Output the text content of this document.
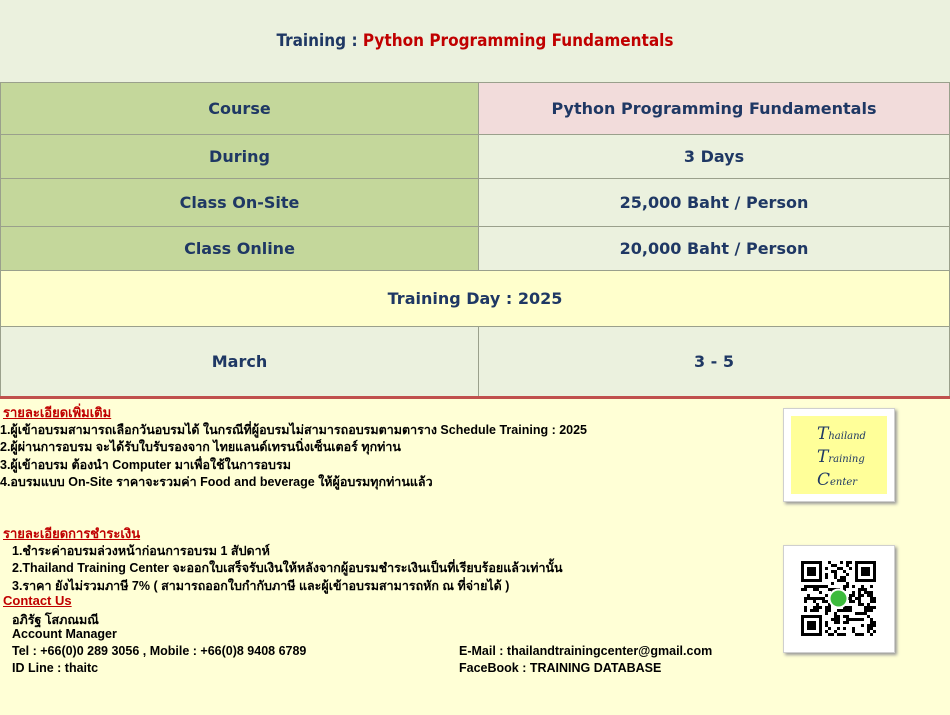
Training :
Python Programming Fundamentals
Course	Python Programming Fundamentals
During	3 Days
Class On-Site	25,000 Baht / Person
Class Online	20,000 Baht / Person
Training Day : 2025	
March	3 - 5
รายละเอียดเพิ่มเติม
1.ผู้เข้าอบรมสามารถเลือกวันอบรมได้ ในกรณีที่ผู้อบรมไม่สามารถอบรมตามตาราง Schedule Training : 2025
2.ผู้ผ่านการอบรม จะได้รับใบรับรองจาก ไทยแลนด์เทรนนิ่งเซ็นเตอร์ ทุกท่าน
3.ผู้เข้าอบรม ต้องนำ Computer มาเพื่อใช้ในการอบรม
4.อบรมแบบ On-Site ราคาจะรวมค่า Food and beverage ให้ผู้อบรมทุกท่านแล้ว
รายละเอียดการชำระเงิน
1.ชำระค่าอบรมล่วงหน้าก่อนการอบรม 1 สัปดาห์
2.Thailand Training Center จะออกใบเสร็จรับเงินให้หลังจากผู้อบรมชำระเงินเป็นที่เรียบร้อยแล้วเท่านั้น
3.ราคา ยังไม่รวมภาษี 7% ( สามารถออกใบกำกับภาษี และผู้เข้าอบรมสามารถหัก ณ ที่จ่ายได้ )
Contact Us
อภิรัฐ โสภณมณี
Account Manager
Tel : +66(0)0 289 3056 , Mobile : +66(0)8 9408 6789
ID Line : thaitc
E-Mail : thailandtrainingcenter@gmail.com
FaceBook : TRAINING DATABASE
Thailand
Training
Center
